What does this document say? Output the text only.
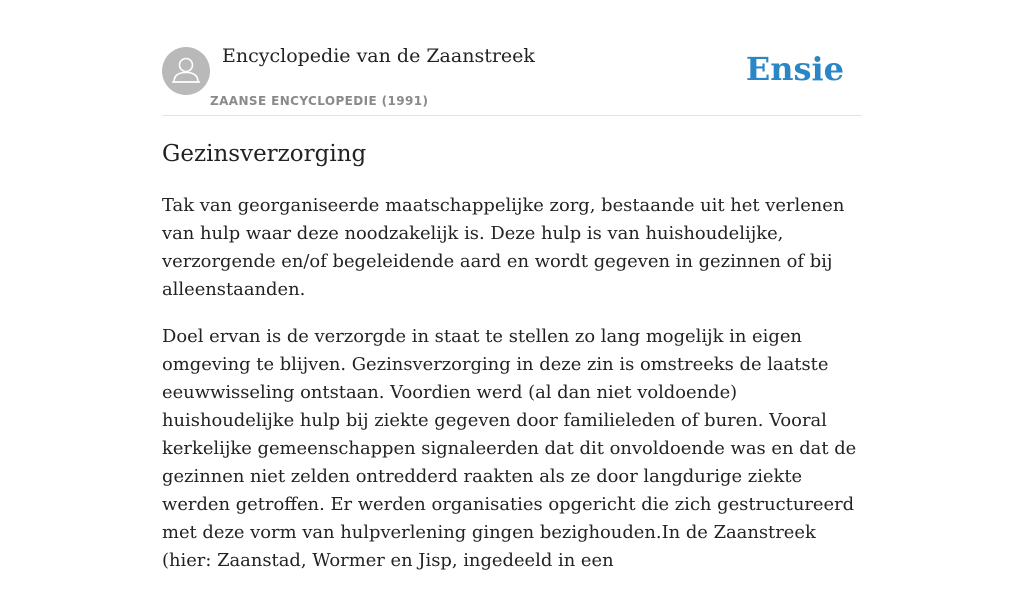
Encyclopedie van de Zaanstreek
ZAANSE ENCYCLOPEDIE (1991)
Ensie
Gezinsverzorging

Tak van georganiseerde maatschappelijke zorg, bestaande uit het verlenen van hulp waar deze noodzakelijk is. Deze hulp is van huishoudelijke, verzorgende en/of begeleidende aard en wordt gegeven in gezinnen of bij alleenstaanden.

Doel ervan is de verzorgde in staat te stellen zo lang mogelijk in eigen omgeving te blijven. Gezinsverzorging in deze zin is omstreeks de laatste eeuwwisseling ontstaan. Voordien werd (al dan niet voldoende) huishoudelijke hulp bij ziekte gegeven door familieleden of buren. Vooral kerkelijke gemeenschappen signaleerden dat dit onvoldoende was en dat de gezinnen niet zelden ontredderd raakten als ze door langdurige ziekte werden getroffen. Er werden organisaties opgericht die zich gestructureerd met deze vorm van hulpverlening gingen bezighouden.In de Zaanstreek (hier: Zaanstad, Wormer en Jisp, ingedeeld in een
